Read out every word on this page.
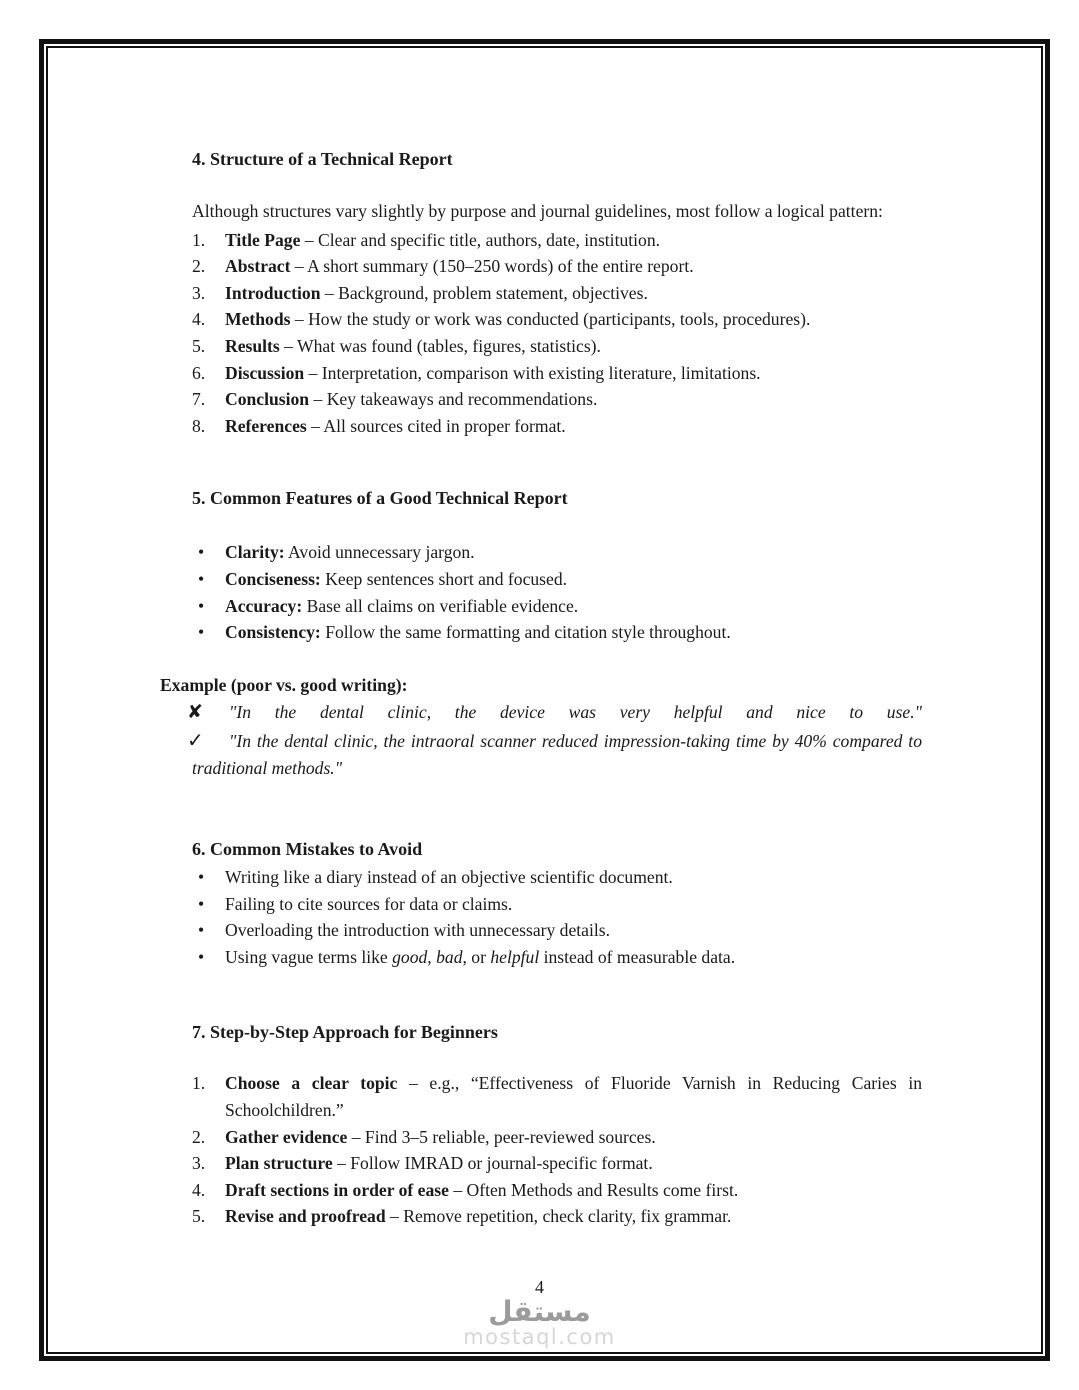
4. Structure of a Technical Report

Although structures vary slightly by purpose and journal guidelines, most follow a logical pattern:

1. Title Page – Clear and specific title, authors, date, institution.
2. Abstract – A short summary (150–250 words) of the entire report.
3. Introduction – Background, problem statement, objectives.
4. Methods – How the study or work was conducted (participants, tools, procedures).
5. Results – What was found (tables, figures, statistics).
6. Discussion – Interpretation, comparison with existing literature, limitations.
7. Conclusion – Key takeaways and recommendations.
8. References – All sources cited in proper format.
5. Common Features of a Good Technical Report
• Clarity: Avoid unnecessary jargon.
• Conciseness: Keep sentences short and focused.
• Accuracy: Base all claims on verifiable evidence.
• Consistency: Follow the same formatting and citation style throughout.
Example (poor vs. good writing):
✘ "In the dental clinic, the device was very helpful and nice to use."
✓ "In the dental clinic, the intraoral scanner reduced impression-taking time by 40% compared to traditional methods."
6. Common Mistakes to Avoid
• Writing like a diary instead of an objective scientific document.
• Failing to cite sources for data or claims.
• Overloading the introduction with unnecessary details.
• Using vague terms like good, bad, or helpful instead of measurable data.
7. Step-by-Step Approach for Beginners
1. Choose a clear topic – e.g., “Effectiveness of Fluoride Varnish in Reducing Caries in Schoolchildren.”
2. Gather evidence – Find 3–5 reliable, peer-reviewed sources.
3. Plan structure – Follow IMRAD or journal-specific format.
4. Draft sections in order of ease – Often Methods and Results come first.
5. Revise and proofread – Remove repetition, check clarity, fix grammar.
4
مستقل
mostaql.com
